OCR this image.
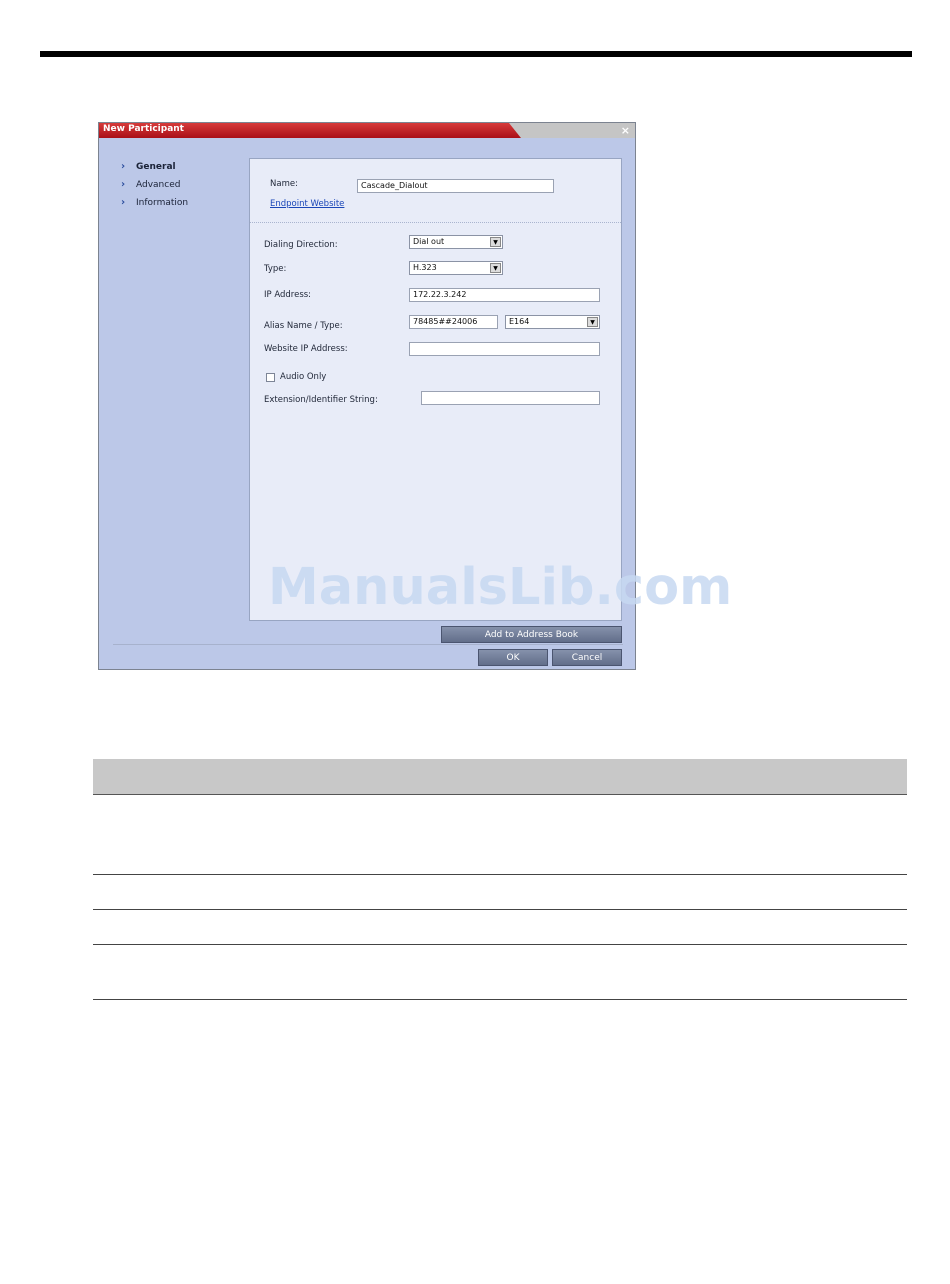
New Participant	×
› General
› Advanced
› Information
Name:	Cascade_Dialout
Endpoint Website
Dialing Direction:	Dial out	▼
Type:	H.323	▼
IP Address:	172.22.3.242
Alias Name / Type:	78485##24006	E164	▼
Website IP Address:
Audio Only
Extension/Identifier String:
Add to Address Book
OK	Cancel
ManualsLib.com
